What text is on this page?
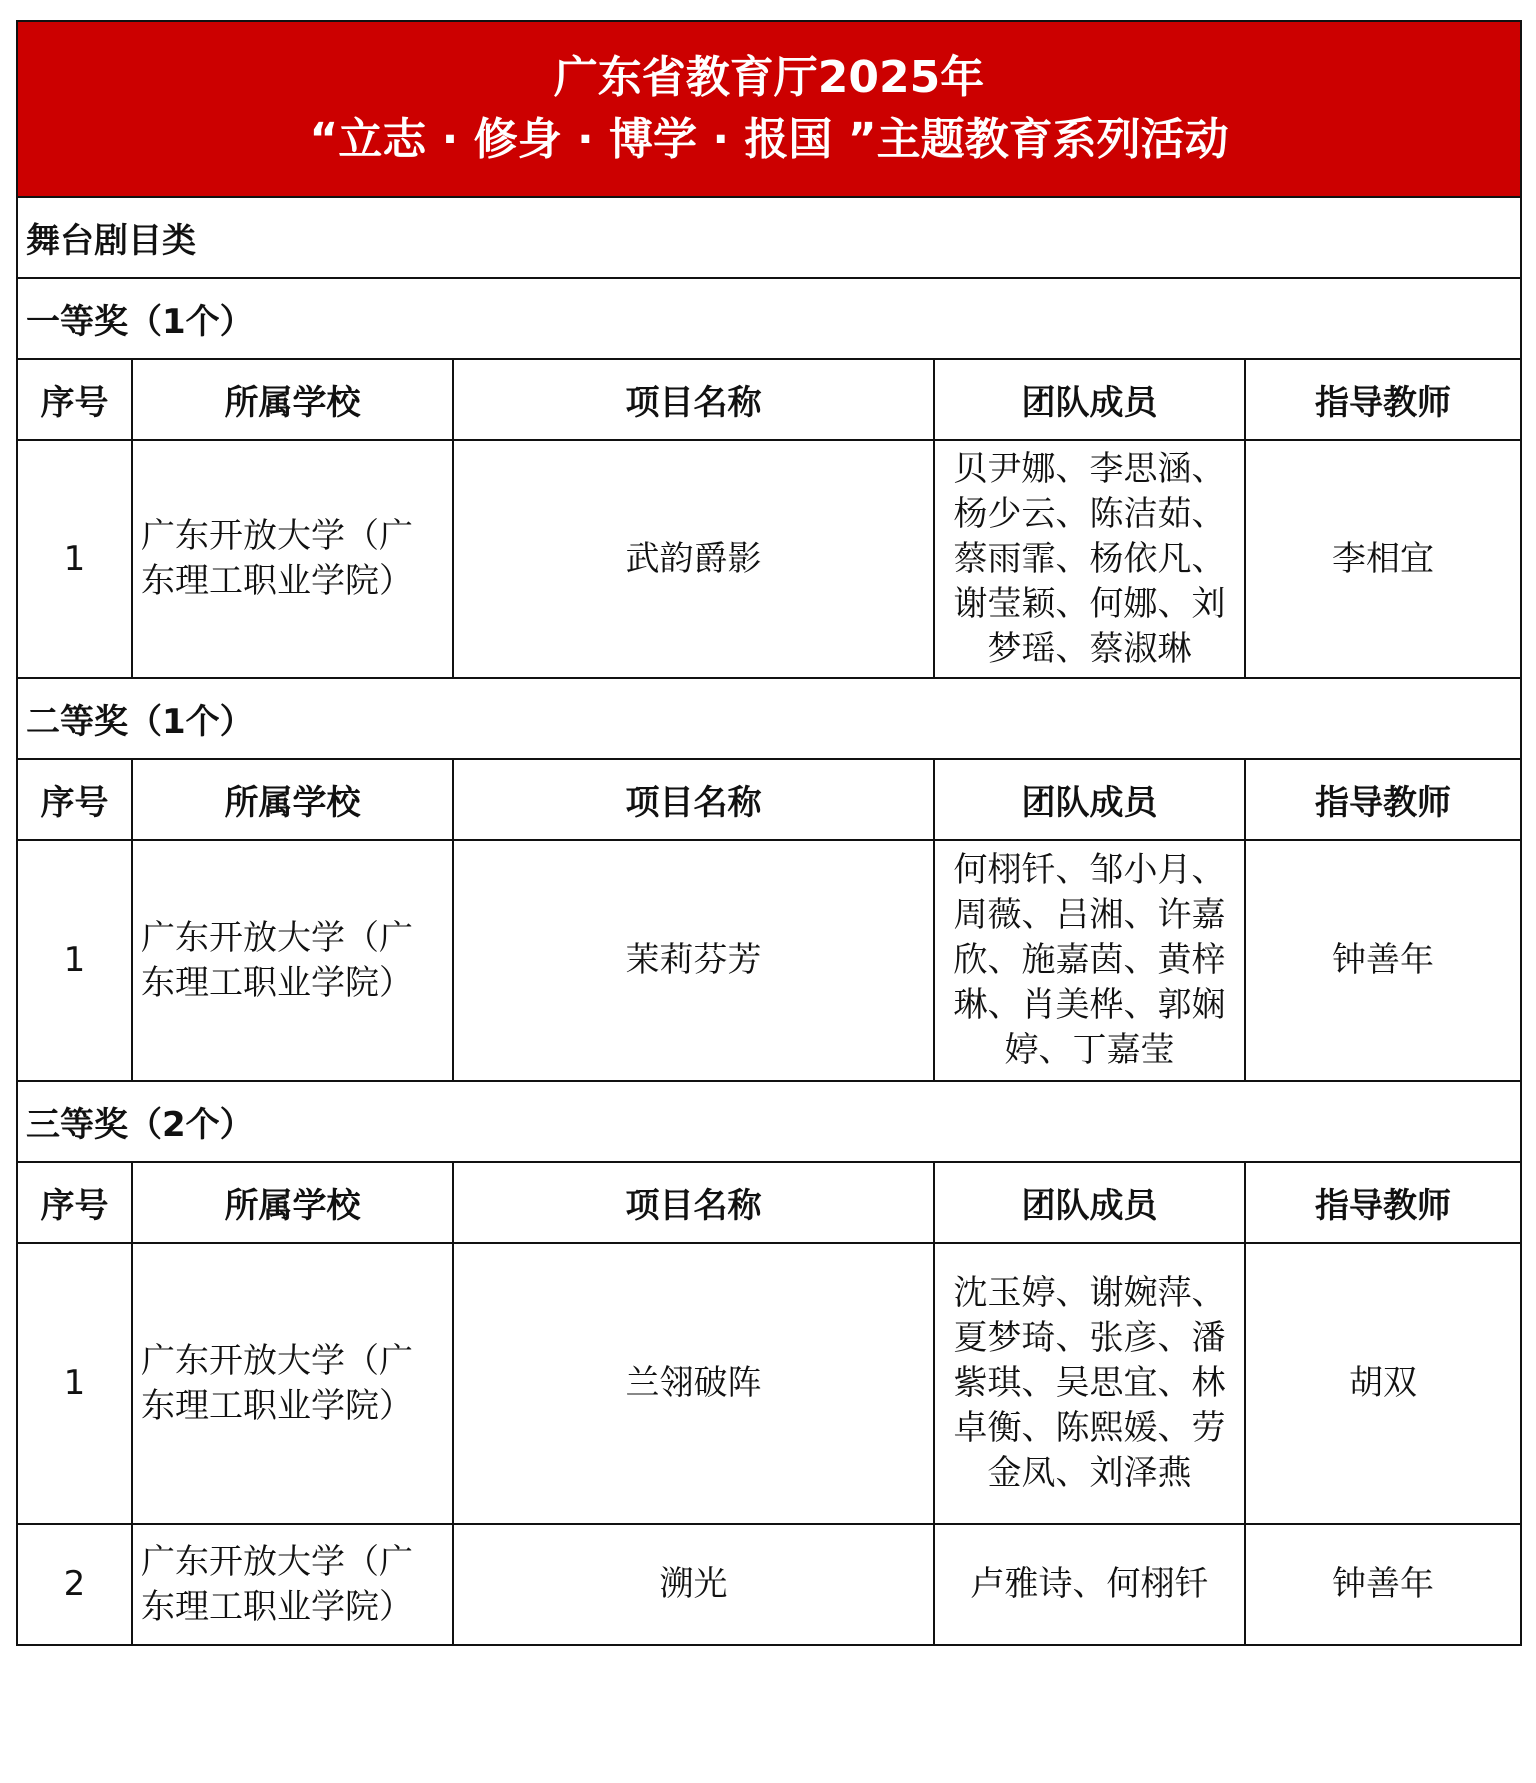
广东省教育厅2025年
“立志 · 修身 · 博学 · 报国 ”主题教育系列活动				

舞台剧目类				
一等奖（1个）				
序号	所属学校	项目名称	团队成员	指导教师
1	广东开放大学（广东理工职业学院）	武韵爵影	贝尹娜、李思涵、杨少云、陈洁茹、蔡雨霏、杨依凡、谢莹颖、何娜、刘梦瑶、蔡淑琳	李相宜
二等奖（1个）				
序号	所属学校	项目名称	团队成员	指导教师
1	广东开放大学（广东理工职业学院）	茉莉芬芳	何栩钎、邹小月、周薇、吕湘、许嘉欣、施嘉茵、黄梓琳、肖美桦、郭娴婷、丁嘉莹	钟善年
三等奖（2个）				
序号	所属学校	项目名称	团队成员	指导教师
1	广东开放大学（广东理工职业学院）	兰翎破阵	沈玉婷、谢婉萍、夏梦琦、张彦、潘紫琪、吴思宜、林卓衡、陈熙媛、劳金凤、刘泽燕	胡双
2	广东开放大学（广东理工职业学院）	溯光	卢雅诗、何栩钎	钟善年
